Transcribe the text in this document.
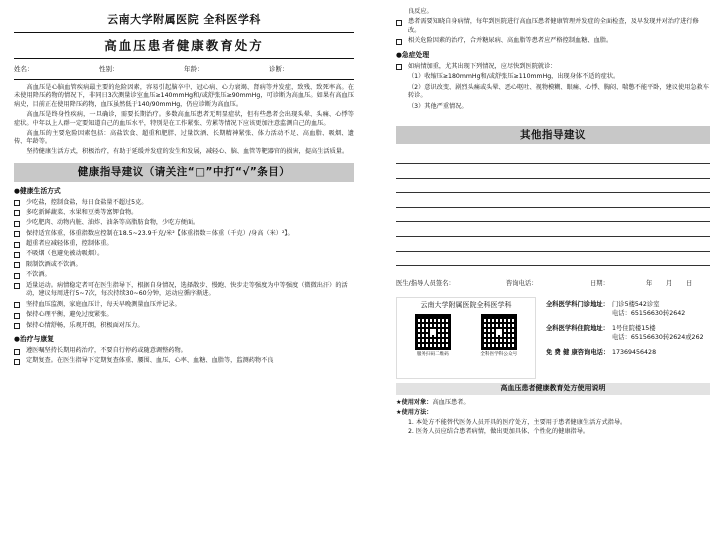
云南大学附属医院 全科医学科
高血压患者健康教育处方
姓名：	性别：	年龄：	诊断：

高血压是心脑血管疾病最主要的危险因素，容易引起脑卒中、冠心病、心力衰竭、肾病等并发症，致残、致死率高。在未使用降压药物的情况下，非同日3次测量诊室血压≥140mmHg和/或舒张压≥90mmHg，可诊断为高血压。如果有高血压病史，目前正在使用降压药物，血压虽然低于140/90mmHg，仍应诊断为高血压。

高血压是终身性疾病，一旦确诊，需要长期治疗。多数高血压患者无明显症状，但有些患者会出现头晕、头痛、心悸等症状。中年以上人群一定要知道自己的血压水平，特别是在工作紧张、劳累等情况下应该更加注意监测自己的血压。

高血压的主要危险因素包括：高盐饮食、超重和肥胖、过量饮酒、长期精神紧张、体力活动不足、高血脂、吸烟、遗传、年龄等。

坚持健康生活方式，积极治疗，有助于延缓并发症的发生和发展，减轻心、脑、血管等靶器官的损害，提高生活质量。

健康指导建议（请关注“□”中打“√”条目）
●健康生活方式
少吃盐，控制食盐，每日食盐量不超过5克。
多吃新鲜蔬菜、水果和豆类等富钾食物。
少吃肥肉、动物内脏、油炸、油条等高脂肪食物，少吃方便面。
保持适宜体重，体重指数应控制在18.5~23.9千克/米²【体重指数＝体重（千克）/身高（米）²】。
超重者应减轻体重，控制体重。
不吸烟（也避免被动吸烟）。
限制饮酒或不饮酒。
不饮酒。
适量运动。病情稳定者可在医生指导下，根据自身情况，选择散步、慢跑、快步走等强度为中等强度（微微出汗）的活动，建议每周进行5~7次，每次持续30~60分钟，运动应循序渐进。
坚持血压监测，家庭血压计，每天早晚测量血压并记录。
保持心理平衡，避免过度紧张。
保持心情舒畅，乐观开朗，积极面对压力。
●治疗与康复
遵医嘱坚持长期用药治疗，不要自行停药或随意调整药物。
定期复查。在医生指导下定期复查体重、腰围、血压、心率、血糖、血脂等，监测药物不良
良反应。
患者需要知晓自身病情，每年到医院进行高血压患者健康管理并发症的全面检查，及早发现并对治疗进行修改。
相关危险因素的治疗，合并糖尿病、高血脂等患者应严格控制血糖、血脂。
●急症处理
如病情加重，尤其出现下列情况，应尽快到医院就诊：
（1）收缩压≥180mmHg和/或舒张压≥110mmHg，出现身体不适的症状。
（2）意识改变、剧烈头痛或头晕、恶心呕吐、视物模糊、眼痛、心悸、胸闷、喘憋不能平卧，建议使用急救车转诊。
（3）其他严重情况。
其他指导建议
医生/指导人员签名：	咨询电话：	日期：	年	月	日
云南大学附属医院全科医学科
服务扫码二维码	全科医学科公众号
全科医学科门诊地址： 门诊5楼542诊室
电话：65156630转2642
全科医学科住院地址： 1号住院楼15楼
电话：65156630转2624或262
免 费 健 康咨询电话： 17369456428
高血压患者健康教育处方使用说明
★使用对象：高血压患者。
★使用方法：
1. 本处方不能替代医务人员开具的医疗处方，主要用于患者健康生活方式指导。
2. 医务人员应结合患者病情，做出更加具体、个性化的健康指导。
